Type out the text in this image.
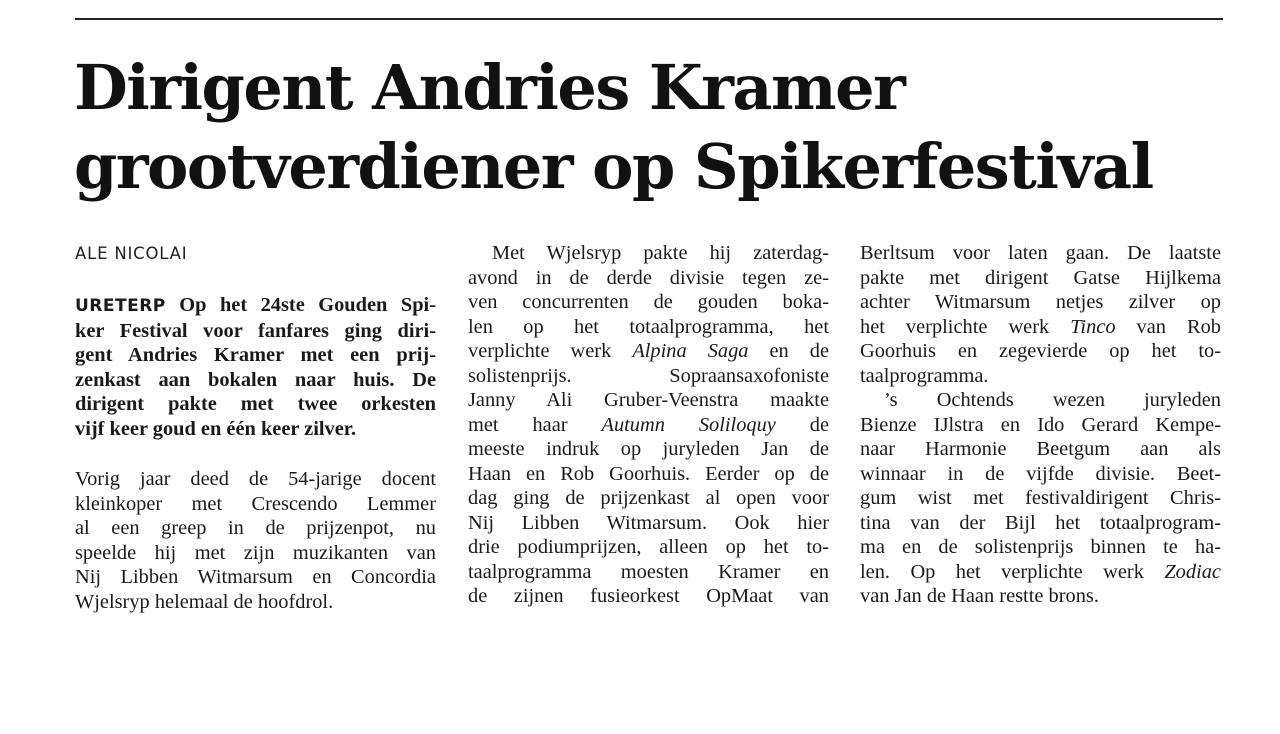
Dirigent Andries Kramer
grootverdiener op Spikerfestival

ALE NICOLAI

URETERP Op het 24ste Gouden Spi-
ker Festival voor fanfares ging diri-
gent Andries Kramer met een prij-
zenkast aan bokalen naar huis. De
dirigent pakte met twee orkesten
vijf keer goud en één keer zilver.

Vorig jaar deed de 54-jarige docent
kleinkoper met Crescendo Lemmer
al een greep in de prijzenpot, nu
speelde hij met zijn muzikanten van
Nij Libben Witmarsum en Concordia
Wjelsryp helemaal de hoofdrol.

Met Wjelsryp pakte hij zaterdag-
avond in de derde divisie tegen ze-
ven concurrenten de gouden boka-
len op het totaalprogramma, het
verplichte werk Alpina Saga en de
solistenprijs. Sopraansaxofoniste
Janny Ali Gruber-Veenstra maakte
met haar Autumn Soliloquy de
meeste indruk op juryleden Jan de
Haan en Rob Goorhuis. Eerder op de
dag ging de prijzenkast al open voor
Nij Libben Witmarsum. Ook hier
drie podiumprijzen, alleen op het to-
taalprogramma moesten Kramer en
de zijnen fusieorkest OpMaat van

Berltsum voor laten gaan. De laatste
pakte met dirigent Gatse Hijlkema
achter Witmarsum netjes zilver op
het verplichte werk Tinco van Rob
Goorhuis en zegevierde op het to-
taalprogramma.

’s Ochtends wezen juryleden
Bienze IJlstra en Ido Gerard Kempe-
naar Harmonie Beetgum aan als
winnaar in de vijfde divisie. Beet-
gum wist met festivaldirigent Chris-
tina van der Bijl het totaalprogram-
ma en de solistenprijs binnen te ha-
len. Op het verplichte werk Zodiac
van Jan de Haan restte brons.
